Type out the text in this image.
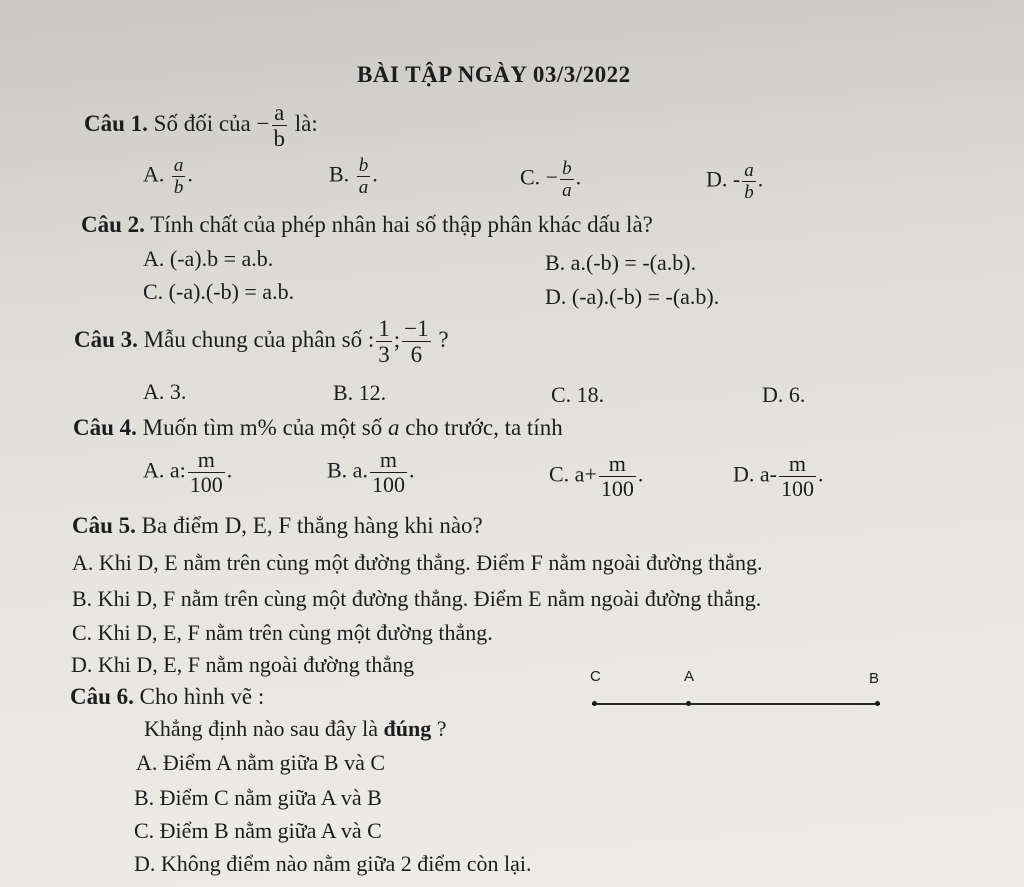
BÀI TẬP NGÀY 03/3/2022
Câu 1. Số đối của − $\frac{a}{b}$ là:
A. $\frac{a}{b}$ .	B. $\frac{b}{a}$ .	C. − $\frac{b}{a}$ .	D. - $\frac{a}{b}$ .
Câu 2. Tính chất của phép nhân hai số thập phân khác dấu là?
A. (-a).b = a.b.	B. a.(-b) = -(a.b).
C. (-a).(-b) = a.b.	D. (-a).(-b) = -(a.b).
Câu 3. Mẫu chung của phân số : $\frac{1}{3}$ ; $\frac{-1}{6}$ ?
A. 3.	B. 12.	C. 18.	D. 6.
Câu 4. Muốn tìm m% của một số a cho trước, ta tính
A. a: $\frac{m}{100}$ .	B. a. $\frac{m}{100}$ .	C. $a+ \frac{m}{100}$ .	D. $a- \frac{m}{100}$ .
Câu 5. Ba điểm D, E, F thẳng hàng khi nào?
A. Khi D, E nằm trên cùng một đường thẳng. Điểm F nằm ngoài đường thẳng.
B. Khi D, F nằm trên cùng một đường thẳng. Điểm E nằm ngoài đường thẳng.
C. Khi D, E, F nằm trên cùng một đường thẳng.
D. Khi D, E, F nằm ngoài đường thẳng
Câu 6. Cho hình vẽ :
C	A	B
Khẳng định nào sau đây là đúng ?
A. Điểm A nằm giữa B và C
B. Điểm C nằm giữa A và B
C. Điểm B nằm giữa A và C
D. Không điểm nào nằm giữa 2 điểm còn lại.
